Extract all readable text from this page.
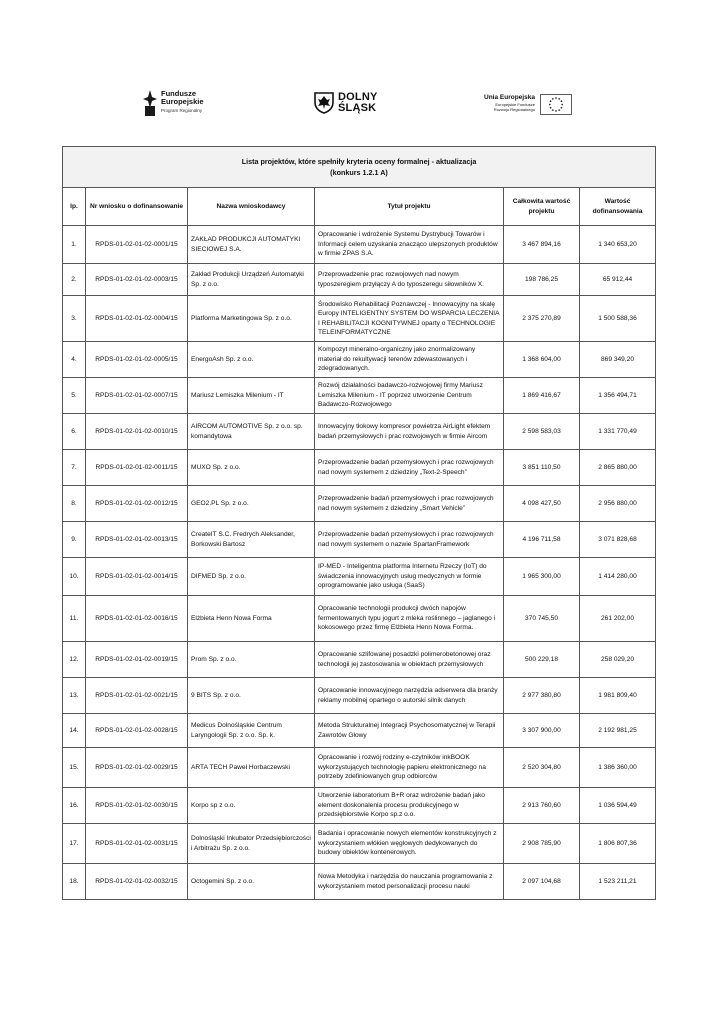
Fundusze
Europejskie
Program Regionalny
DOLNY
ŚLĄSK
Unia Europejska
Europejskie Fundusze
Rozwoju Regionalnego
Lista projektów, które spełniły kryteria oceny formalnej - aktualizacja
(konkurs 1.2.1 A)					

lp.	Nr wniosku o dofinansowanie	Nazwa wnioskodawcy	Tytuł projektu	Całkowita wartość projektu	Wartość dofinansowania
1.	RPDS-01-02-01-02-0001/15	ZAKŁAD PRODUKCJI AUTOMATYKI SIECIOWEJ S.A.	Opracowanie i wdrożenie Systemu Dystrybucji Towarów i Informacji celem uzyskania znacząco ulepszonych produktów w firmie ZPAS S.A.	3 467 894,16	1 340 653,20
2.	RPDS-01-02-01-02-0003/15	Zakład Produkcji Urządzeń Automatyki Sp. z o.o.	Przeprowadzenie prac rozwojowych nad nowym typoszeregiem przyłączy A do typoszeregu siłowników X.	198 786,25	65 912,44
3.	RPDS-01-02-01-02-0004/15	Platforma Marketingowa Sp. z o.o.	Środowisko Rehabilitacji Poznawczej - Innowacyjny na skalę Europy INTELIGENTNY SYSTEM DO WSPARCIA LECZENIA I REHABILITACJI KOGNITYWNEJ oparty o TECHNOLOGIE TELEINFORMATYCZNE	2 375 270,89	1 500 588,36
4.	RPDS-01-02-01-02-0005/15	EnergoAsh Sp. z o.o.	Kompozyt mineralno-organiczny jako znormalizowany materiał do rekultywacji terenów zdewastowanych i zdegradowanych.	1 368 604,00	869 349,20
5.	RPDS-01-02-01-02-0007/15	Mariusz Lemiszka Milenium - IT	Rozwój działalności badawczo-rozwojowej firmy Mariusz Lemiszka Milenium - IT poprzez utworzenie Centrum Badawczo-Rozwojowego	1 869 416,67	1 356 494,71
6.	RPDS-01-02-01-02-0010/15	AIRCOM AUTOMOTIVE Sp. z o.o. sp. komandytowa	Innowacyjny tłokowy kompresor powietrza AirLight efektem badań przemysłowych i prac rozwojowych w firmie Aircom	2 598 583,03	1 331 770,49
7.	RPDS-01-02-01-02-0011/15	MUXO Sp. z o.o.	Przeprowadzenie badań przemysłowych i prac rozwojowych nad nowym systemem z dziedziny „Text-2-Speech”	3 851 110,50	2 865 880,00
8.	RPDS-01-02-01-02-0012/15	GEO2.PL Sp. z o.o.	Przeprowadzenie badań przemysłowych i prac rozwojowych nad nowym systemem z dziedziny „Smart Vehicle”	4 098 427,50	2 956 880,00
9.	RPDS-01-02-01-02-0013/15	CreateIT S.C. Fredrych Aleksander, Borkowski Bartosz	Przeprowadzenie badań przemysłowych i prac rozwojowych nad nowym systemem o nazwie SpartanFramework	4 196 711,58	3 071 828,68
10.	RPDS-01-02-01-02-0014/15	DIFMED Sp. z o.o.	IP-MED - Inteligentna platforma Internetu Rzeczy (IoT) do świadczenia innowacyjnych usług medycznych w formie oprogramowanie jako usługa (SaaS)	1 965 300,00	1 414 280,00
11.	RPDS-01-02-01-02-0016/15	Elżbieta Henn Nowa Forma	Opracowanie technologii produkcji dwóch napojów fermentowanych typu jogurt z mleka roślinnego – jaglanego i kokosowego przez firmę Elżbieta Henn Nowa Forma.	370 745,50	261 202,00
12.	RPDS-01-02-01-02-0019/15	Prom Sp. z o.o.	Opracowanie szlifowanej posadzki polimerobetonowej oraz technologii jej zastosowania w obiektach przemysłowych	500 229,18	258 029,20
13.	RPDS-01-02-01-02-0021/15	9 BITS Sp. z o.o.	Opracowanie innowacyjnego narzędzia adserwera dla branży reklamy mobilnej opartego o autorski silnik danych	2 977 380,80	1 981 809,40
14.	RPDS-01-02-01-02-0028/15	Medicus Dolnośląskie Centrum Laryngologii Sp. z o.o. Sp. k.	Metoda Strukturalnej Integracji Psychosomatycznej w Terapii Zawrotów Głowy	3 307 900,00	2 192 981,25
15.	RPDS-01-02-01-02-0029/15	ARTA TECH Paweł Horbaczewski	Opracowanie i rozwój rodziny e-czytników inkBOOK wykorzystujących technologię papieru elektronicznego na potrzeby zdefiniowanych grup odbiorców	2 520 304,80	1 386 360,00
16.	RPDS-01-02-01-02-0030/15	Korpo sp z o.o.	Utworzenie laboratorium B+R oraz wdrożenie badań jako element doskonalenia procesu produkcyjnego w przedsiębiorstwie Korpo sp.z o.o.	2 913 760,60	1 036 594,49
17.	RPDS-01-02-01-02-0031/15	Dolnośląski Inkubator Przedsiębiorczości i Arbitrażu Sp. z o.o.	Badania i opracowanie nowych elementów konstrukcyjnych z wykorzystaniem włókien węglowych dedykowanych do budowy obiektów kontenerowych.	2 908 785,90	1 806 807,36
18.	RPDS-01-02-01-02-0032/15	Octogemini Sp. z o.o.	Nowa Metodyka i narzędzia do nauczania programowania z wykorzystaniem metod personalizacji procesu nauki	2 097 104,68	1 523 211,21
